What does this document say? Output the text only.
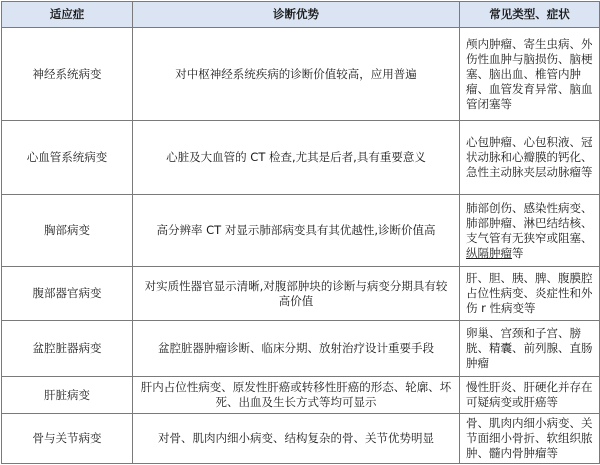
适应症	诊断优势	常见类型、症状
神经系统病变	对中枢神经系统疾病的诊断价值较高，应用普遍	颅内肿瘤、寄生虫病、外伤性血肿与脑损伤、脑梗塞、脑出血、椎管内肿瘤、血管发育异常、脑血管闭塞等
心血管系统病变	心脏及大血管的 CT 检查,尤其是后者,具有重要意义	心包肿瘤、心包积液、冠状动脉和心瓣膜的钙化、急性主动脉夹层动脉瘤等
胸部病变	高分辨率 CT 对显示肺部病变具有其优越性,诊断价值高	肺部创伤、感染性病变、肺部肿瘤、淋巴结结核、支气管有无狭窄或阻塞、纵隔肿瘤等
腹部器官病变	对实质性器官显示清晰,对腹部肿块的诊断与病变分期具有较高价值	肝、胆、胰、脾、腹膜腔占位性病变、炎症性和外伤 r 性病变等
盆腔脏器病变	盆腔脏器肿瘤诊断、临床分期、放射治疗设计重要手段	卵巢、宫颈和子宫、膀胱、精囊、前列腺、直肠肿瘤
肝脏病变	肝内占位性病变、原发性肝癌或转移性肝癌的形态、轮廓、坏死、出血及生长方式等均可显示	慢性肝炎、肝硬化并存在可疑病变或肝癌等
骨与关节病变	对骨、肌肉内细小病变、结构复杂的骨、关节优势明显	骨、肌肉内细小病变、关节面细小骨折、软组织脓肿、髓内骨肿瘤等
